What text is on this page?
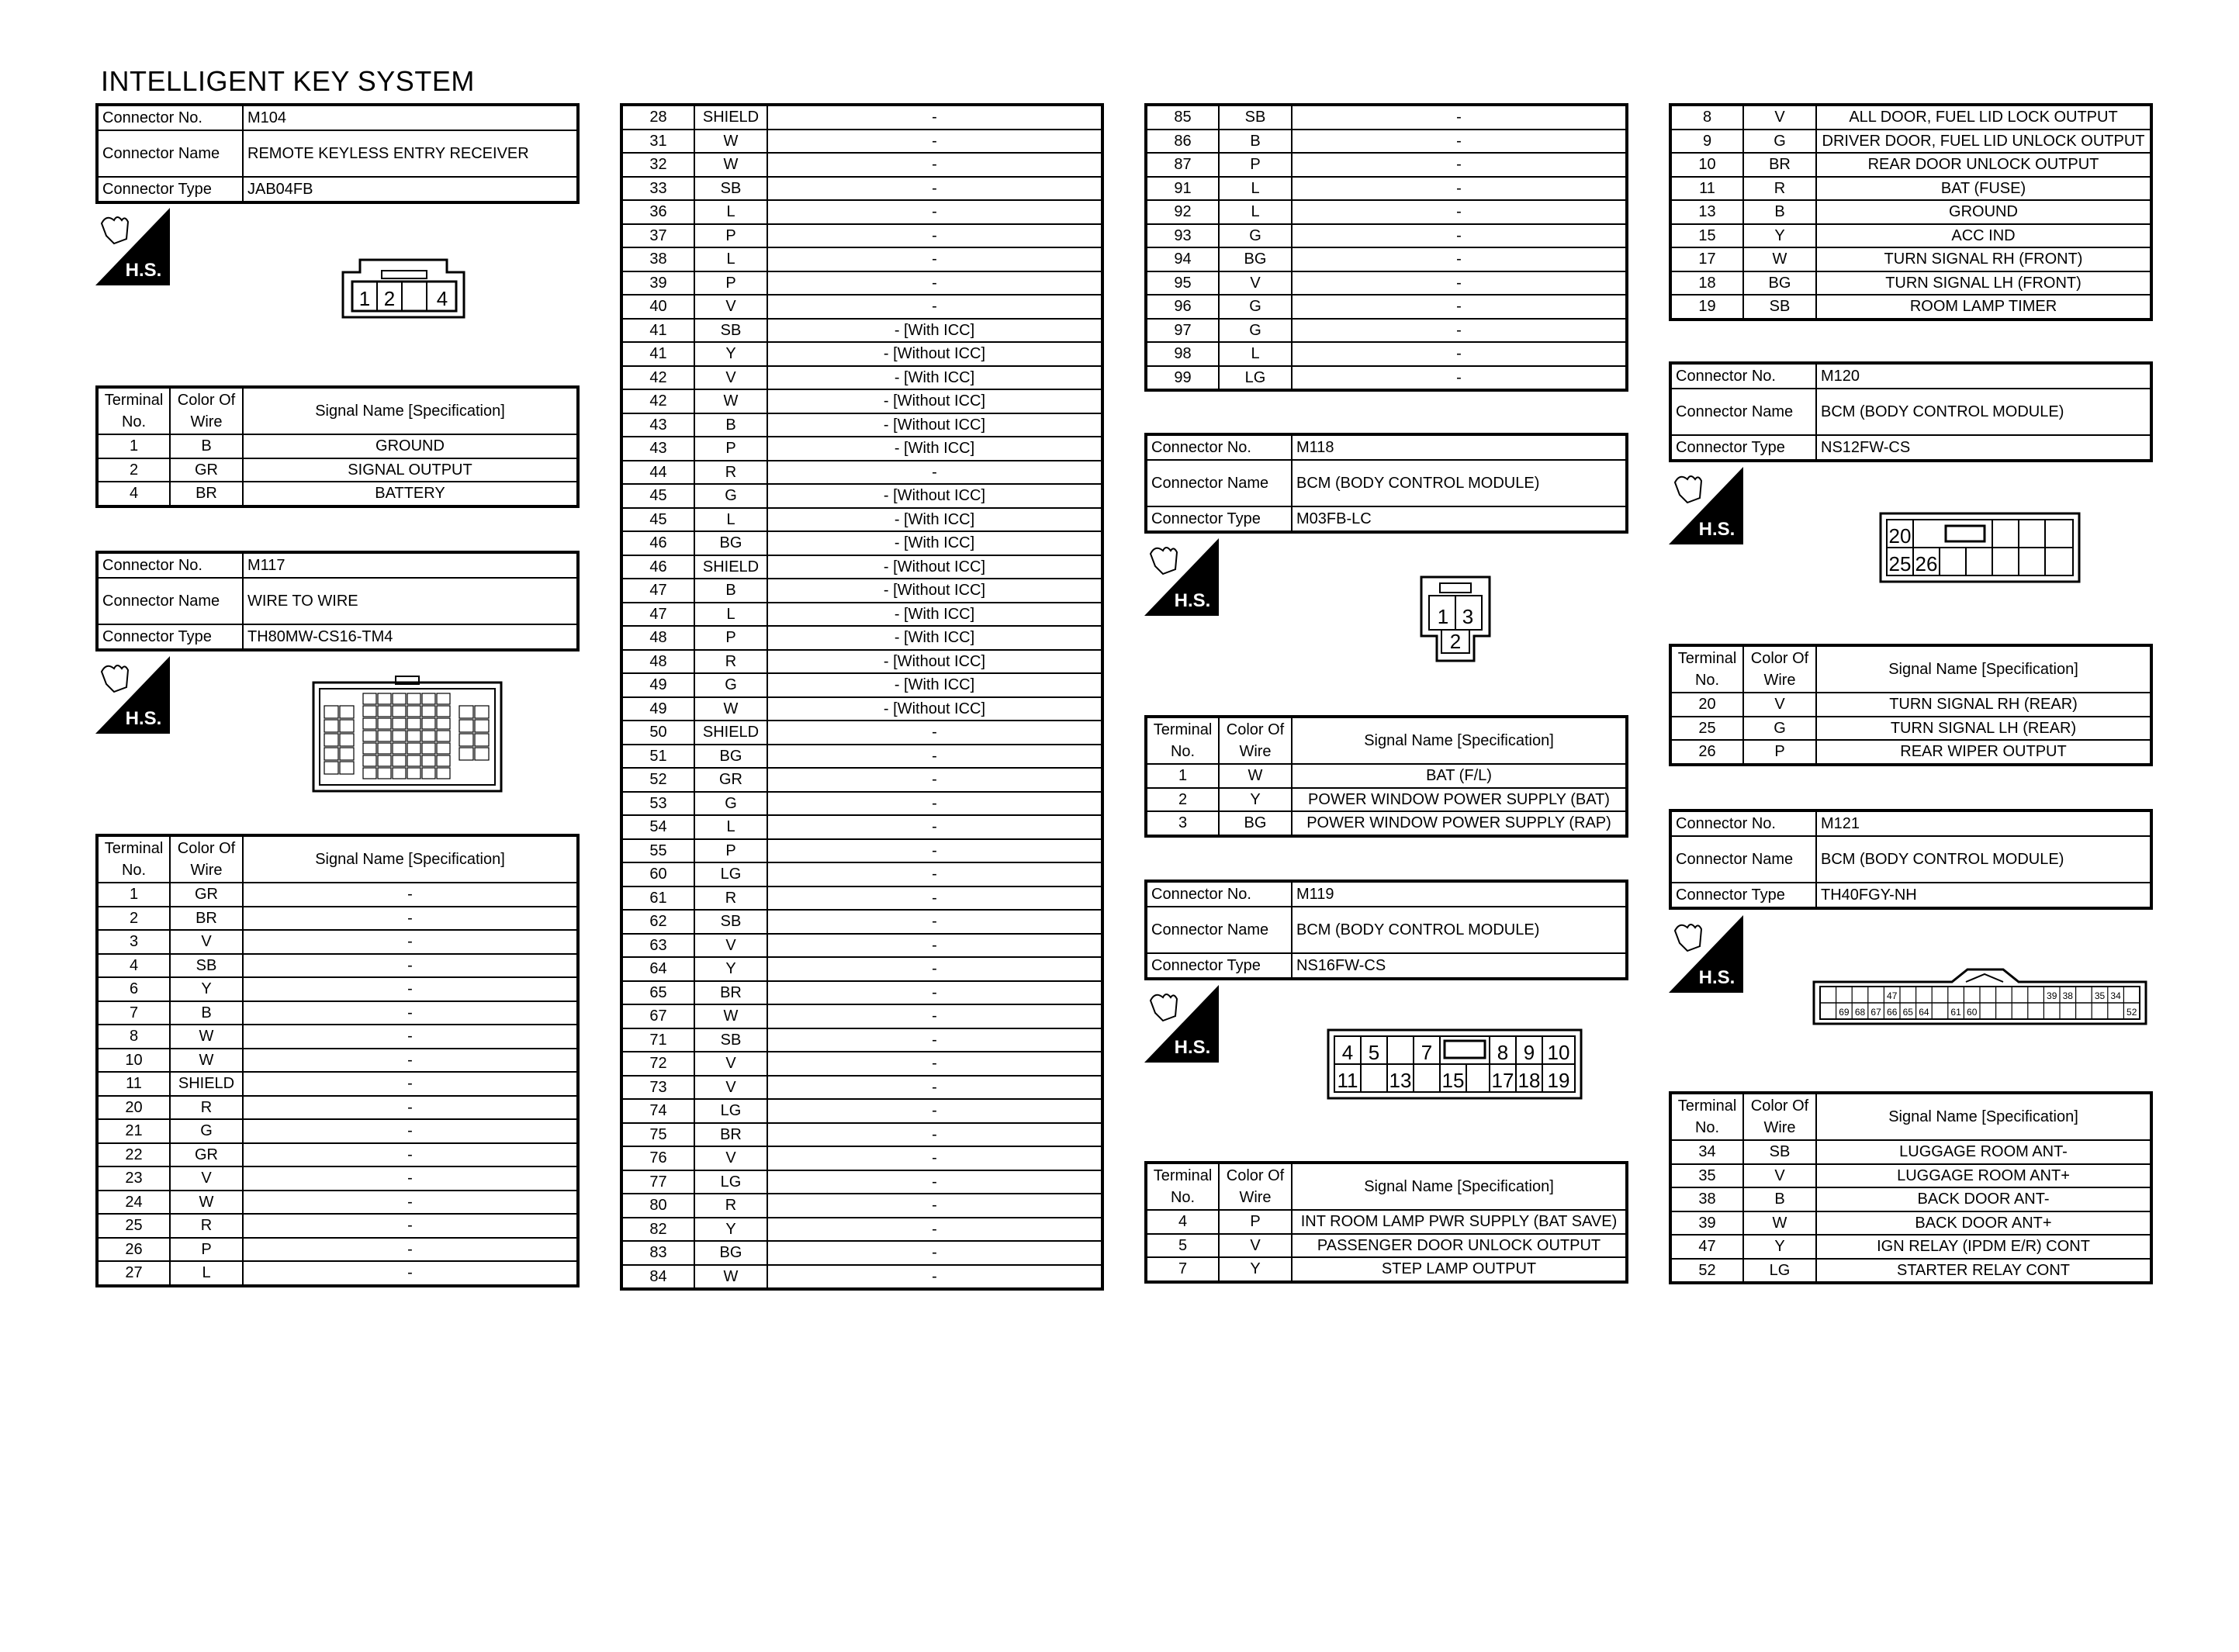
INTELLIGENT KEY SYSTEM
Connector No.	M104
Connector Name	REMOTE KEYLESS ENTRY RECEIVER
Connector Type	JAB04FB
H.S.
1 2 4
Terminal No.	Color Of Wire	Signal Name [Specification]
1	B	GROUND
2	GR	SIGNAL OUTPUT
4	BR	BATTERY
Connector No.	M117
Connector Name	WIRE TO WIRE
Connector Type	TH80MW-CS16-TM4
H.S.
Terminal No.	Color Of Wire	Signal Name [Specification]
1	GR	-
2	BR	-
3	V	-
4	SB	-
6	Y	-
7	B	-
8	W	-
10	W	-
11	SHIELD	-
20	R	-
21	G	-
22	GR	-
23	V	-
24	W	-
25	R	-
26	P	-
27	L	-
28	SHIELD	-
31	W	-
32	W	-
33	SB	-
36	L	-
37	P	-
38	L	-
39	P	-
40	V	-
41	SB	- [With ICC]
41	Y	- [Without ICC]
42	V	- [With ICC]
42	W	- [Without ICC]
43	B	- [Without ICC]
43	P	- [With ICC]
44	R	-
45	G	- [Without ICC]
45	L	- [With ICC]
46	BG	- [With ICC]
46	SHIELD	- [Without ICC]
47	B	- [Without ICC]
47	L	- [With ICC]
48	P	- [With ICC]
48	R	- [Without ICC]
49	G	- [With ICC]
49	W	- [Without ICC]
50	SHIELD	-
51	BG	-
52	GR	-
53	G	-
54	L	-
55	P	-
60	LG	-
61	R	-
62	SB	-
63	V	-
64	Y	-
65	BR	-
67	W	-
71	SB	-
72	V	-
73	V	-
74	LG	-
75	BR	-
76	V	-
77	LG	-
80	R	-
82	Y	-
83	BG	-
84	W	-
85	SB	-
86	B	-
87	P	-
91	L	-
92	L	-
93	G	-
94	BG	-
95	V	-
96	G	-
97	G	-
98	L	-
99	LG	-
Connector No.	M118
Connector Name	BCM (BODY CONTROL MODULE)
Connector Type	M03FB-LC
H.S.
1 3
2
Terminal No.	Color Of Wire	Signal Name [Specification]
1	W	BAT (F/L)
2	Y	POWER WINDOW POWER SUPPLY (BAT)
3	BG	POWER WINDOW POWER SUPPLY (RAP)
Connector No.	M119
Connector Name	BCM (BODY CONTROL MODULE)
Connector Type	NS16FW-CS
H.S.	4 5 7	8 9 10
11 13 15 17 18 19
Terminal No.	Color Of Wire	Signal Name [Specification]
4	P	INT ROOM LAMP PWR SUPPLY (BAT SAVE)
5	V	PASSENGER DOOR UNLOCK OUTPUT
7	Y	STEP LAMP OUTPUT
8	V	ALL DOOR, FUEL LID LOCK OUTPUT
9	G	DRIVER DOOR, FUEL LID UNLOCK OUTPUT
10	BR	REAR DOOR UNLOCK OUTPUT
11	R	BAT (FUSE)
13	B	GROUND
15	Y	ACC IND
17	W	TURN SIGNAL RH (FRONT)
18	BG	TURN SIGNAL LH (FRONT)
19	SB	ROOM LAMP TIMER
Connector No.	M120
Connector Name	BCM (BODY CONTROL MODULE)
Connector Type	NS12FW-CS
H.S.	20
25 26
Terminal No.	Color Of Wire	Signal Name [Specification]
20	V	TURN SIGNAL RH (REAR)
25	G	TURN SIGNAL LH (REAR)
26	P	REAR WIPER OUTPUT
Connector No.	M121
Connector Name	BCM (BODY CONTROL MODULE)
Connector Type	TH40FGY-NH
H.S.
47	39 38 35 34
69 68 67 66 65 64 61 60	52
Terminal No.	Color Of Wire	Signal Name [Specification]
34	SB	LUGGAGE ROOM ANT-
35	V	LUGGAGE ROOM ANT+
38	B	BACK DOOR ANT-
39	W	BACK DOOR ANT+
47	Y	IGN RELAY (IPDM E/R) CONT
52	LG	STARTER RELAY CONT
